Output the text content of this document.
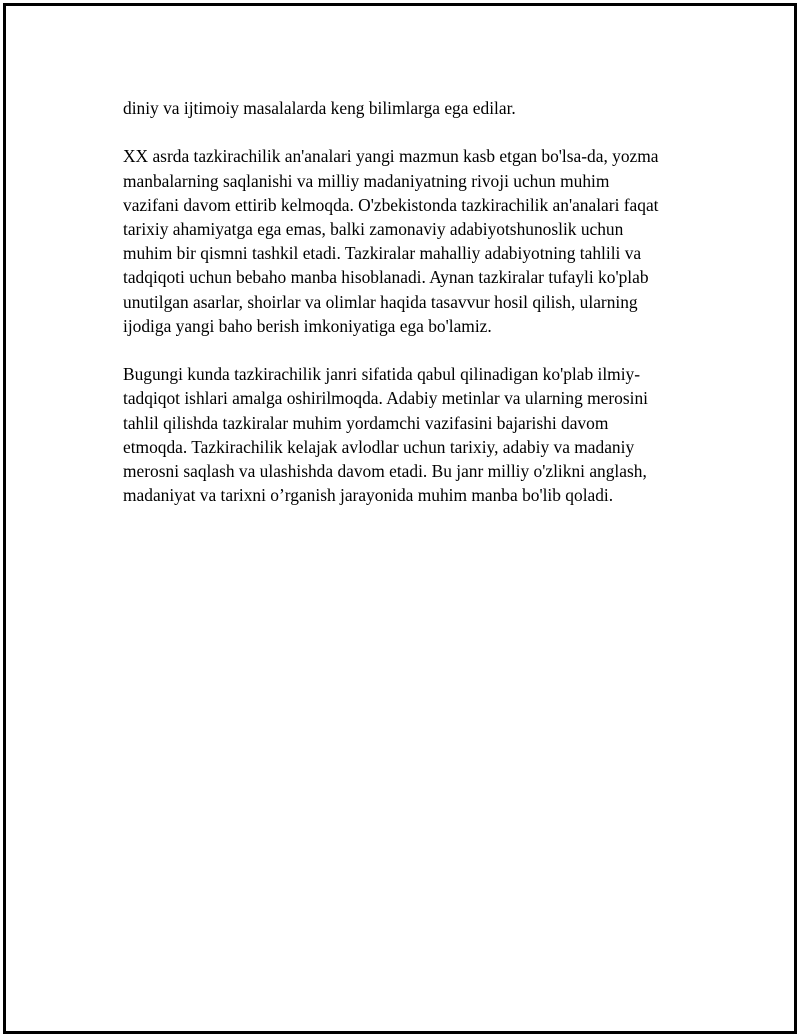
diniy va ijtimoiy masalalarda keng bilimlarga ega edilar.

XX asrda tazkirachilik an'analari yangi mazmun kasb etgan bo'lsa-da, yozma
manbalarning saqlanishi va milliy madaniyatning rivoji uchun muhim
vazifani davom ettirib kelmoqda. O'zbekistonda tazkirachilik an'analari faqat
tarixiy ahamiyatga ega emas, balki zamonaviy adabiyotshunoslik uchun
muhim bir qismni tashkil etadi. Tazkiralar mahalliy adabiyotning tahlili va
tadqiqoti uchun bebaho manba hisoblanadi. Aynan tazkiralar tufayli ko'plab
unutilgan asarlar, shoirlar va olimlar haqida tasavvur hosil qilish, ularning
ijodiga yangi baho berish imkoniyatiga ega bo'lamiz.

Bugungi kunda tazkirachilik janri sifatida qabul qilinadigan ko'plab ilmiy-
tadqiqot ishlari amalga oshirilmoqda. Adabiy metinlar va ularning merosini
tahlil qilishda tazkiralar muhim yordamchi vazifasini bajarishi davom
etmoqda. Tazkirachilik kelajak avlodlar uchun tarixiy, adabiy va madaniy
merosni saqlash va ulashishda davom etadi. Bu janr milliy o'zlikni anglash,
madaniyat va tarixni o’rganish jarayonida muhim manba bo'lib qoladi.
